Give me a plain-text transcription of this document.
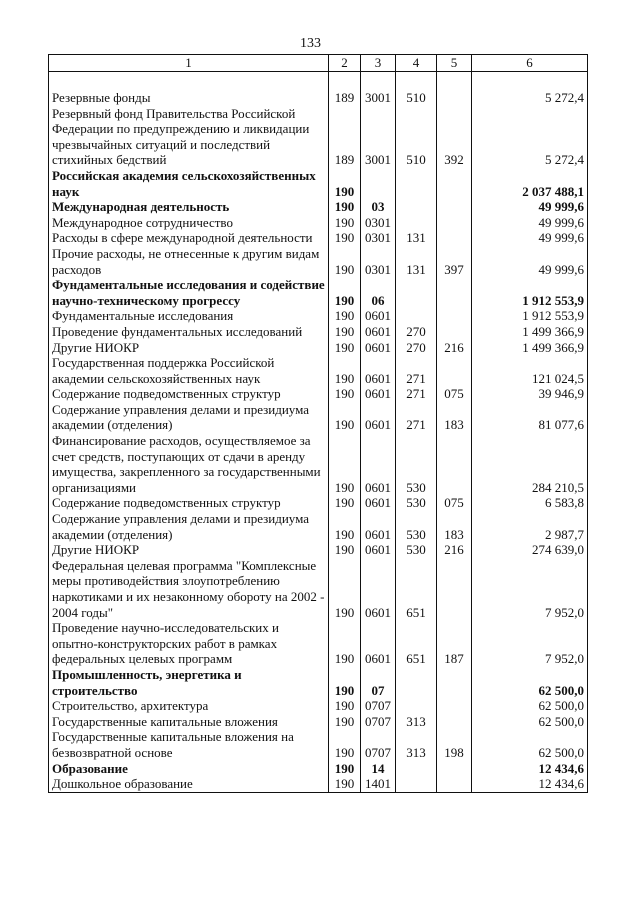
133
1	2	3	4	5	6

Резервные фонды	189	3001	510		5 272,4
Резервный фонд Правительства Российской Федерации по предупреждению и ликвидации чрезвычайных ситуаций и последствий стихийных бедствий	189	3001	510	392	5 272,4
Российская академия сельскохозяйственных наук	190				2 037 488,1
Международная деятельность	190	03			49 999,6
Международное сотрудничество	190	0301			49 999,6
Расходы в сфере международной деятельности	190	0301	131		49 999,6
Прочие расходы, не отнесенные к другим видам расходов	190	0301	131	397	49 999,6
Фундаментальные исследования и содействие научно-техническому прогрессу	190	06			1 912 553,9
Фундаментальные исследования	190	0601			1 912 553,9
Проведение фундаментальных исследований	190	0601	270		1 499 366,9
Другие НИОКР	190	0601	270	216	1 499 366,9
Государственная поддержка Российской академии сельскохозяйственных наук	190	0601	271		121 024,5
Содержание подведомственных структур	190	0601	271	075	39 946,9
Содержание управления делами и президиума академии (отделения)	190	0601	271	183	81 077,6
Финансирование расходов, осуществляемое за счет средств, поступающих от сдачи в аренду имущества, закрепленного за государственными организациями	190	0601	530		284 210,5
Содержание подведомственных структур	190	0601	530	075	6 583,8
Содержание управления делами и президиума академии (отделения)	190	0601	530	183	2 987,7
Другие НИОКР	190	0601	530	216	274 639,0
Федеральная целевая программа "Комплексные меры противодействия злоупотреблению наркотиками и их незаконному обороту на 2002 - 2004 годы"	190	0601	651		7 952,0
Проведение научно-исследовательских и опытно-конструкторских работ в рамках федеральных целевых программ	190	0601	651	187	7 952,0
Промышленность, энергетика и строительство	190	07			62 500,0
Строительство, архитектура	190	0707			62 500,0
Государственные капитальные вложения	190	0707	313		62 500,0
Государственные капитальные вложения на безвозвратной основе	190	0707	313	198	62 500,0
Образование	190	14			12 434,6
Дошкольное образование	190	1401			12 434,6
